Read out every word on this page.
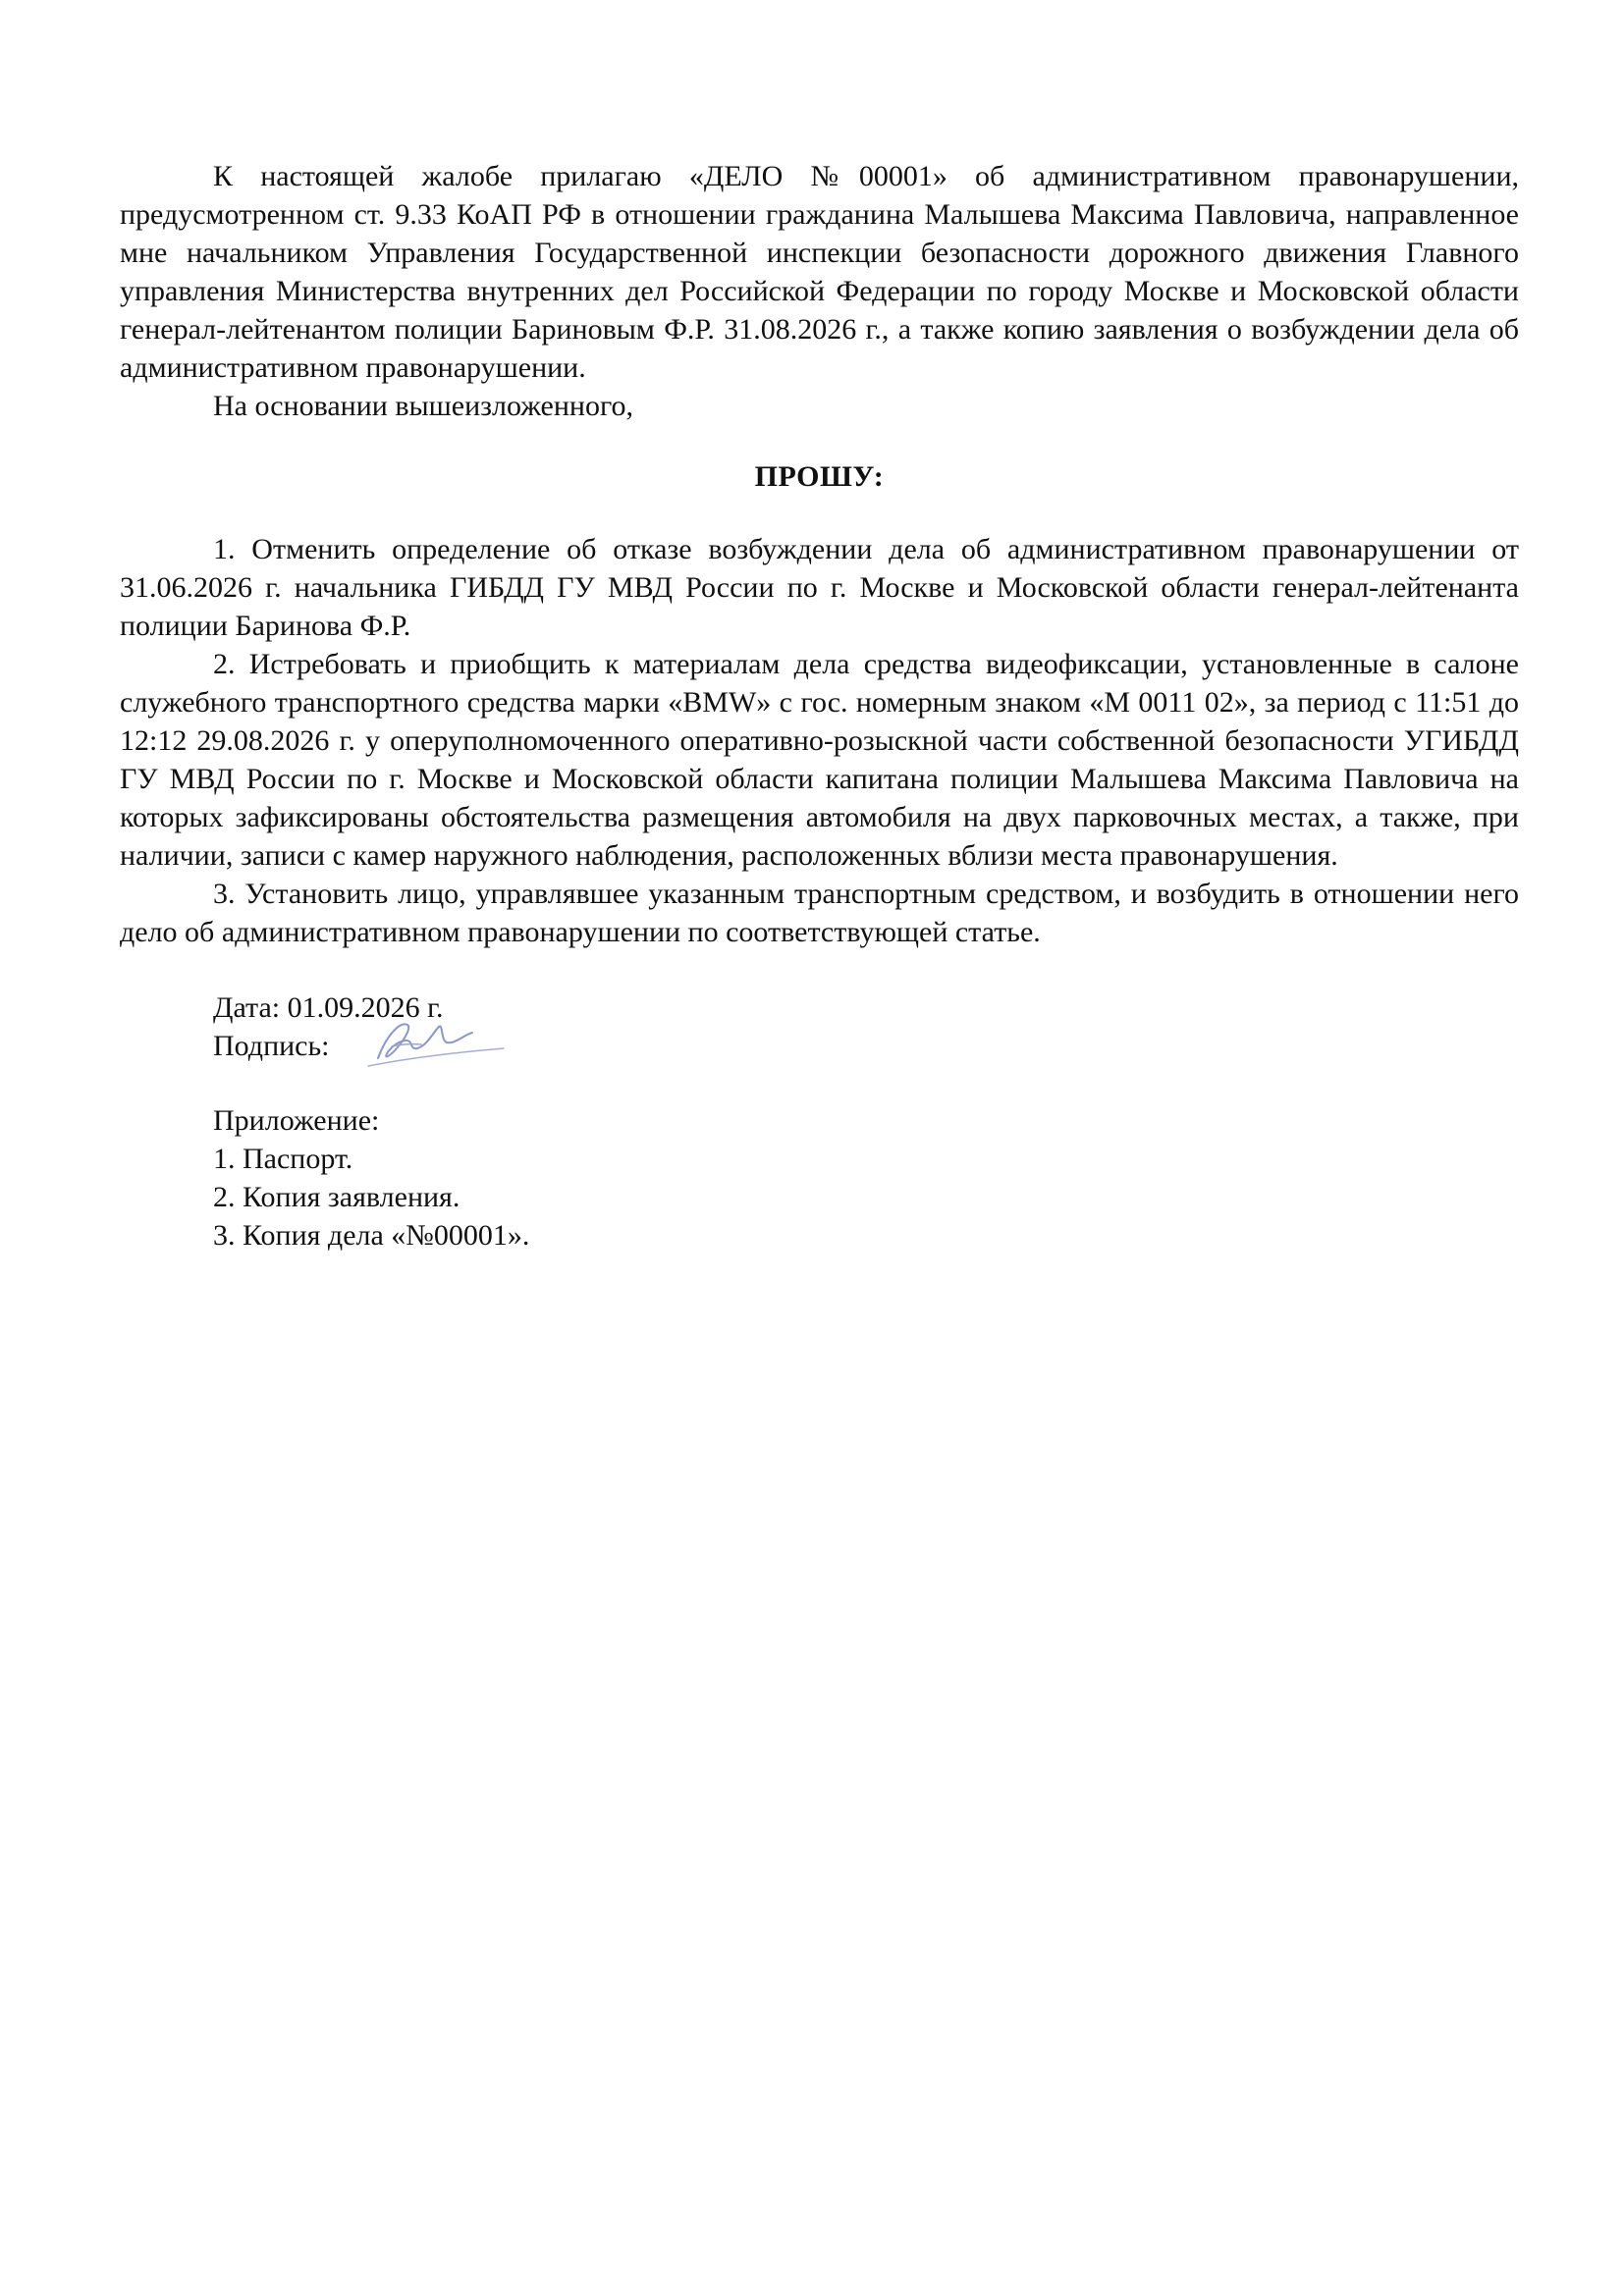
К настоящей жалобе прилагаю «ДЕЛО №00001» об административном правонарушении, предусмотренном ст. 9.33 КоАП РФ в отношении гражданина Малышева Максима Павловича, направленное мне начальником Управления Государственной инспекции безопасности дорожного движения Главного управления Министерства внутренних дел Российской Федерации по городу Москве и Московской области генерал-лейтенантом полиции Бариновым Ф.Р. 31.08.2026 г., а также копию заявления о возбуждении дела об административном правонарушении.

На основании вышеизложенного,

ПРОШУ:

1. Отменить определение об отказе возбуждении дела об административном правонарушении от 31.06.2026 г. начальника ГИБДД ГУ МВД России по г. Москве и Московской области генерал-лейтенанта полиции Баринова Ф.Р.

2. Истребовать и приобщить к материалам дела средства видеофиксации, установленные в салоне служебного транспортного средства марки «BMW» с гос. номерным знаком «М 0011 02», за период с 11:51 до 12:12 29.08.2026 г. у оперуполномоченного оперативно-розыскной части собственной безопасности УГИБДД ГУ МВД России по г. Москве и Московской области капитана полиции Малышева Максима Павловича на которых зафиксированы обстоятельства размещения автомобиля на двух парковочных местах, а также, при наличии, записи с камер наружного наблюдения, расположенных вблизи места правонарушения.

3. Установить лицо, управлявшее указанным транспортным средством, и возбудить в отношении него дело об административном правонарушении по соответствующей статье.

Дата: 01.09.2026 г.

Подпись:

Приложение:

1. Паспорт.

2. Копия заявления.

3. Копия дела «№00001».
